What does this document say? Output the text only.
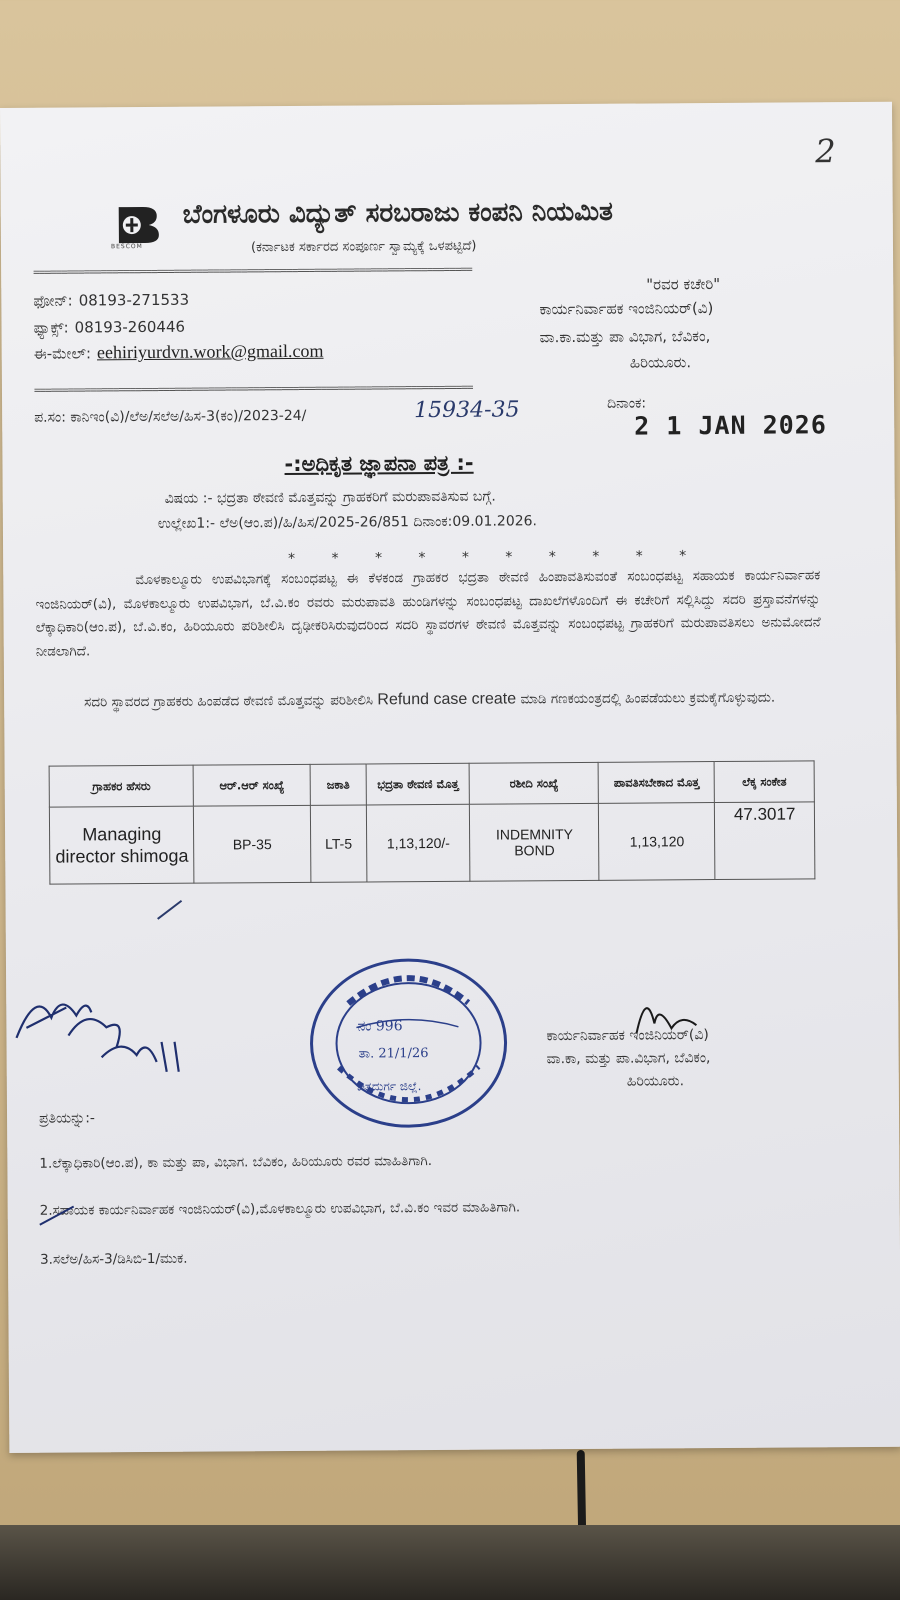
2
BESCOM
ಬೆಂಗಳೂರು ವಿದ್ಯುತ್ ಸರಬರಾಜು ಕಂಪನಿ ನಿಯಮಿತ
(ಕರ್ನಾಟಕ ಸರ್ಕಾರದ ಸಂಪೂರ್ಣ ಸ್ವಾಮ್ಯಕ್ಕೆ ಒಳಪಟ್ಟಿದೆ)
==============================================================================
ಫೋನ್: 08193-271533
ಫ್ಯಾಕ್ಸ್: 08193-260446
ಈ-ಮೇಲ್: eehiriyurdvn.work@gmail.com
"ರವರ ಕಚೇರಿ"
ಕಾರ್ಯನಿರ್ವಾಹಕ ಇಂಜಿನಿಯರ್(ವಿ)
ವಾ.ಕಾ.ಮತ್ತು ಪಾ ವಿಭಾಗ, ಬೆವಿಕಂ,
ಹಿರಿಯೂರು.
==============================================================================
ಪ.ಸಂ: ಕಾನಿಇಂ(ವಿ)/ಲೆಅ/ಸಲೆಅ/ಹಿಸ-3(ಕಂ)/2023-24/	15934-35	ದಿನಾಂಕ:
2 1 JAN 2026
-:ಅಧಿಕೃತ ಜ್ಞಾಪನಾ ಪತ್ರ :-
ವಿಷಯ :- ಭದ್ರತಾ ಠೇವಣಿ ಮೊತ್ತವನ್ನು ಗ್ರಾಹಕರಿಗೆ ಮರುಪಾವತಿಸುವ ಬಗ್ಗೆ.
ಉಲ್ಲೇಖ1:- ಲೆಅ(ಆಂ.ಪ)/ಹಿ/ಹಿಸ/2025-26/851 ದಿನಾಂಕ:09.01.2026.
* * * * * * * * * *

ಮೊಳಕಾಲ್ಮೂರು ಉಪವಿಭಾಗಕ್ಕೆ ಸಂಬಂಧಪಟ್ಟ ಈ ಕೆಳಕಂಡ ಗ್ರಾಹಕರ ಭದ್ರತಾ ಠೇವಣಿ ಹಿಂಪಾವತಿಸುವಂತೆ ಸಂಬಂಧಪಟ್ಟ ಸಹಾಯಕ ಕಾರ್ಯನಿರ್ವಾಹಕ ಇಂಜಿನಿಯರ್(ವಿ), ಮೊಳಕಾಲ್ಮೂರು ಉಪವಿಭಾಗ, ಬೆ.ವಿ.ಕಂ ರವರು ಮರುಪಾವತಿ ಹುಂಡಿಗಳನ್ನು ಸಂಬಂಧಪಟ್ಟ ದಾಖಲೆಗಳೊಂದಿಗೆ ಈ ಕಚೇರಿಗೆ ಸಲ್ಲಿಸಿದ್ದು ಸದರಿ ಪ್ರಸ್ತಾವನೆಗಳನ್ನು ಲೆಕ್ಕಾಧಿಕಾರಿ(ಆಂ.ಪ), ಬೆ.ವಿ.ಕಂ, ಹಿರಿಯೂರು ಪರಿಶೀಲಿಸಿ ದೃಢೀಕರಿಸಿರುವುದರಿಂದ ಸದರಿ ಸ್ಥಾವರಗಳ ಠೇವಣಿ ಮೊತ್ತವನ್ನು ಸಂಬಂಧಪಟ್ಟ ಗ್ರಾಹಕರಿಗೆ ಮರುಪಾವತಿಸಲು ಅನುಮೋದನೆ ನೀಡಲಾಗಿದೆ.

ಸದರಿ ಸ್ಥಾವರದ ಗ್ರಾಹಕರು ಹಿಂಪಡೆದ ಠೇವಣಿ ಮೊತ್ತವನ್ನು ಪರಿಶೀಲಿಸಿ Refund case create ಮಾಡಿ ಗಣಕಯಂತ್ರದಲ್ಲಿ ಹಿಂಪಡೆಯಲು ಕ್ರಮಕೈಗೊಳ್ಳುವುದು.

ಗ್ರಾಹಕರ ಹೆಸರು	ಆರ್.ಆರ್ ಸಂಖ್ಯೆ	ಜಕಾತಿ	ಭದ್ರತಾ ಠೇವಣಿ ಮೊತ್ತ	ರಶೀದಿ ಸಂಖ್ಯೆ	ಪಾವತಿಸಬೇಕಾದ ಮೊತ್ತ	ಲೆಕ್ಕ ಸಂಕೇತ
Managing director shimoga	BP-35	LT-5	1,13,120/-	INDEMNITY BOND	1,13,120	47.3017
ನಂ 996
ತಾ. 21/1/26
ಚಿತ್ರದುರ್ಗ ಜಿಲ್ಲೆ.
ಕಾರ್ಯನಿರ್ವಾಹಕ ಇಂಜಿನಿಯರ್(ವಿ)
ವಾ.ಕಾ, ಮತ್ತು ಪಾ.ವಿಭಾಗ, ಬೆವಿಕಂ,
ಹಿರಿಯೂರು.
ಪ್ರತಿಯನ್ನು:-
1.ಲೆಕ್ಕಾಧಿಕಾರಿ(ಆಂ.ಪ), ಕಾ ಮತ್ತು ಪಾ, ವಿಭಾಗ. ಬೆವಿಕಂ, ಹಿರಿಯೂರು ರವರ ಮಾಹಿತಿಗಾಗಿ.
2.ಸಹಾಯಕ ಕಾರ್ಯನಿರ್ವಾಹಕ ಇಂಜಿನಿಯರ್(ವಿ),ಮೊಳಕಾಲ್ಮೂರು ಉಪವಿಭಾಗ, ಬೆ.ವಿ.ಕಂ ಇವರ ಮಾಹಿತಿಗಾಗಿ.
3.ಸಲೆಅ/ಹಿಸ-3/ಡಿಸಿಬಿ-1/ಮುಕ.
